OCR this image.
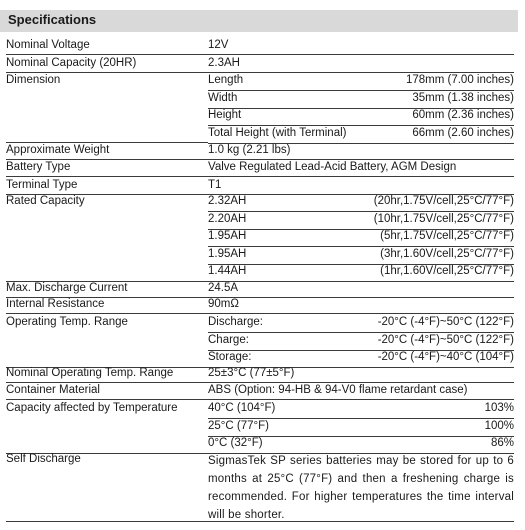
Specifications
Nominal Voltage	12V
Nominal Capacity (20HR)	2.3AH
Dimension	Length	178mm (7.00 inches)
Width	35mm (1.38 inches)
Height	60mm (2.36 inches)
Total Height (with Terminal)	66mm (2.60 inches)
Approximate Weight	1.0 kg (2.21 lbs)
Battery Type	Valve Regulated Lead-Acid Battery, AGM Design
Terminal Type	T1
Rated Capacity	2.32AH	(20hr,1.75V/cell,25°C/77°F)
2.20AH	(10hr,1.75V/cell,25°C/77°F)
1.95AH	(5hr,1.75V/cell,25°C/77°F)
1.95AH	(3hr,1.60V/cell,25°C/77°F)
1.44AH	(1hr,1.60V/cell,25°C/77°F)
Max. Discharge Current	24.5A
Internal Resistance	90mΩ
Operating Temp. Range	Discharge:	-20°C (-4°F)~50°C (122°F)
Charge:	-20°C (-4°F)~50°C (122°F)
Storage:	-20°C (-4°F)~40°C (104°F)
Nominal Operating Temp. Range	25±3°C (77±5°F)
Container Material	ABS (Option: 94-HB & 94-V0 flame retardant case)
Capacity affected by Temperature	40°C (104°F)	103%
25°C (77°F)	100%
0°C (32°F)	86%
Self Discharge	SigmasTek SP series batteries may be stored for up to 6 months at 25°C (77°F) and then a freshening charge is recommended. For higher temperatures the time interval will be shorter.
